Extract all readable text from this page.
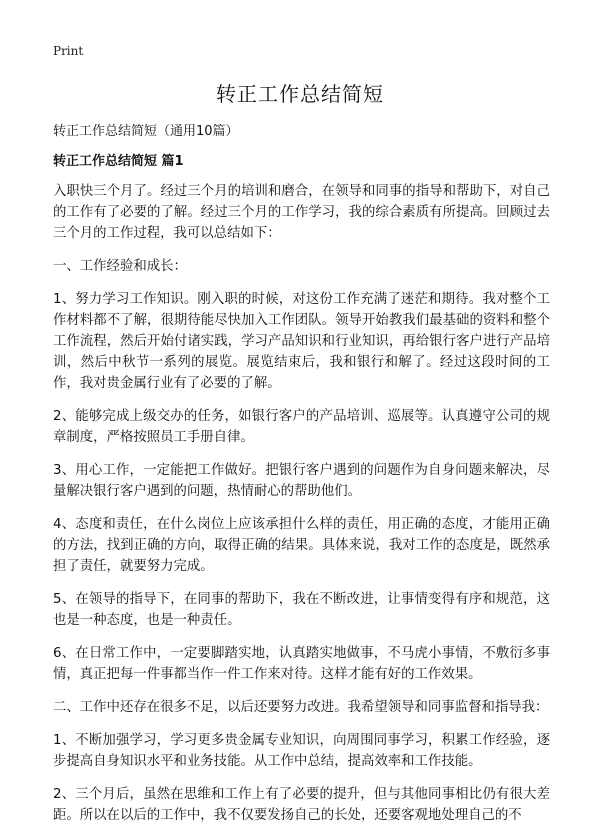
Print
转正工作总结简短
转正工作总结简短（通用10篇）
转正工作总结简短 篇1

入职快三个月了。经过三个月的培训和磨合，在领导和同事的指导和帮助下，对自己的工作有了必要的了解。经过三个月的工作学习，我的综合素质有所提高。回顾过去三个月的工作过程，我可以总结如下：

一、工作经验和成长：

1、努力学习工作知识。刚入职的时候，对这份工作充满了迷茫和期待。我对整个工作材料都不了解，很期待能尽快加入工作团队。领导开始教我们最基础的资料和整个工作流程，然后开始付诸实践，学习产品知识和行业知识，再给银行客户进行产品培训，然后中秋节一系列的展览。展览结束后，我和银行和解了。经过这段时间的工作，我对贵金属行业有了必要的了解。

2、能够完成上级交办的任务，如银行客户的产品培训、巡展等。认真遵守公司的规章制度，严格按照员工手册自律。

3、用心工作，一定能把工作做好。把银行客户遇到的问题作为自身问题来解决，尽量解决银行客户遇到的问题，热情耐心的帮助他们。

4、态度和责任，在什么岗位上应该承担什么样的责任，用正确的态度，才能用正确的方法，找到正确的方向，取得正确的结果。具体来说，我对工作的态度是，既然承担了责任，就要努力完成。

5、在领导的指导下，在同事的帮助下，我在不断改进，让事情变得有序和规范，这也是一种态度，也是一种责任。

6、在日常工作中，一定要脚踏实地，认真踏实地做事，不马虎小事情，不敷衍多事情，真正把每一件事都当作一件工作来对待。这样才能有好的工作效果。

二、工作中还存在很多不足，以后还要努力改进。我希望领导和同事监督和指导我：

1、不断加强学习，学习更多贵金属专业知识，向周围同事学习，积累工作经验，逐步提高自身知识水平和业务技能。从工作中总结，提高效率和工作技能。

2、三个月后，虽然在思维和工作上有了必要的提升，但与其他同事相比仍有很大差距。所以在以后的工作中，我不仅要发扬自己的长处，还要客观地处理自己的不
